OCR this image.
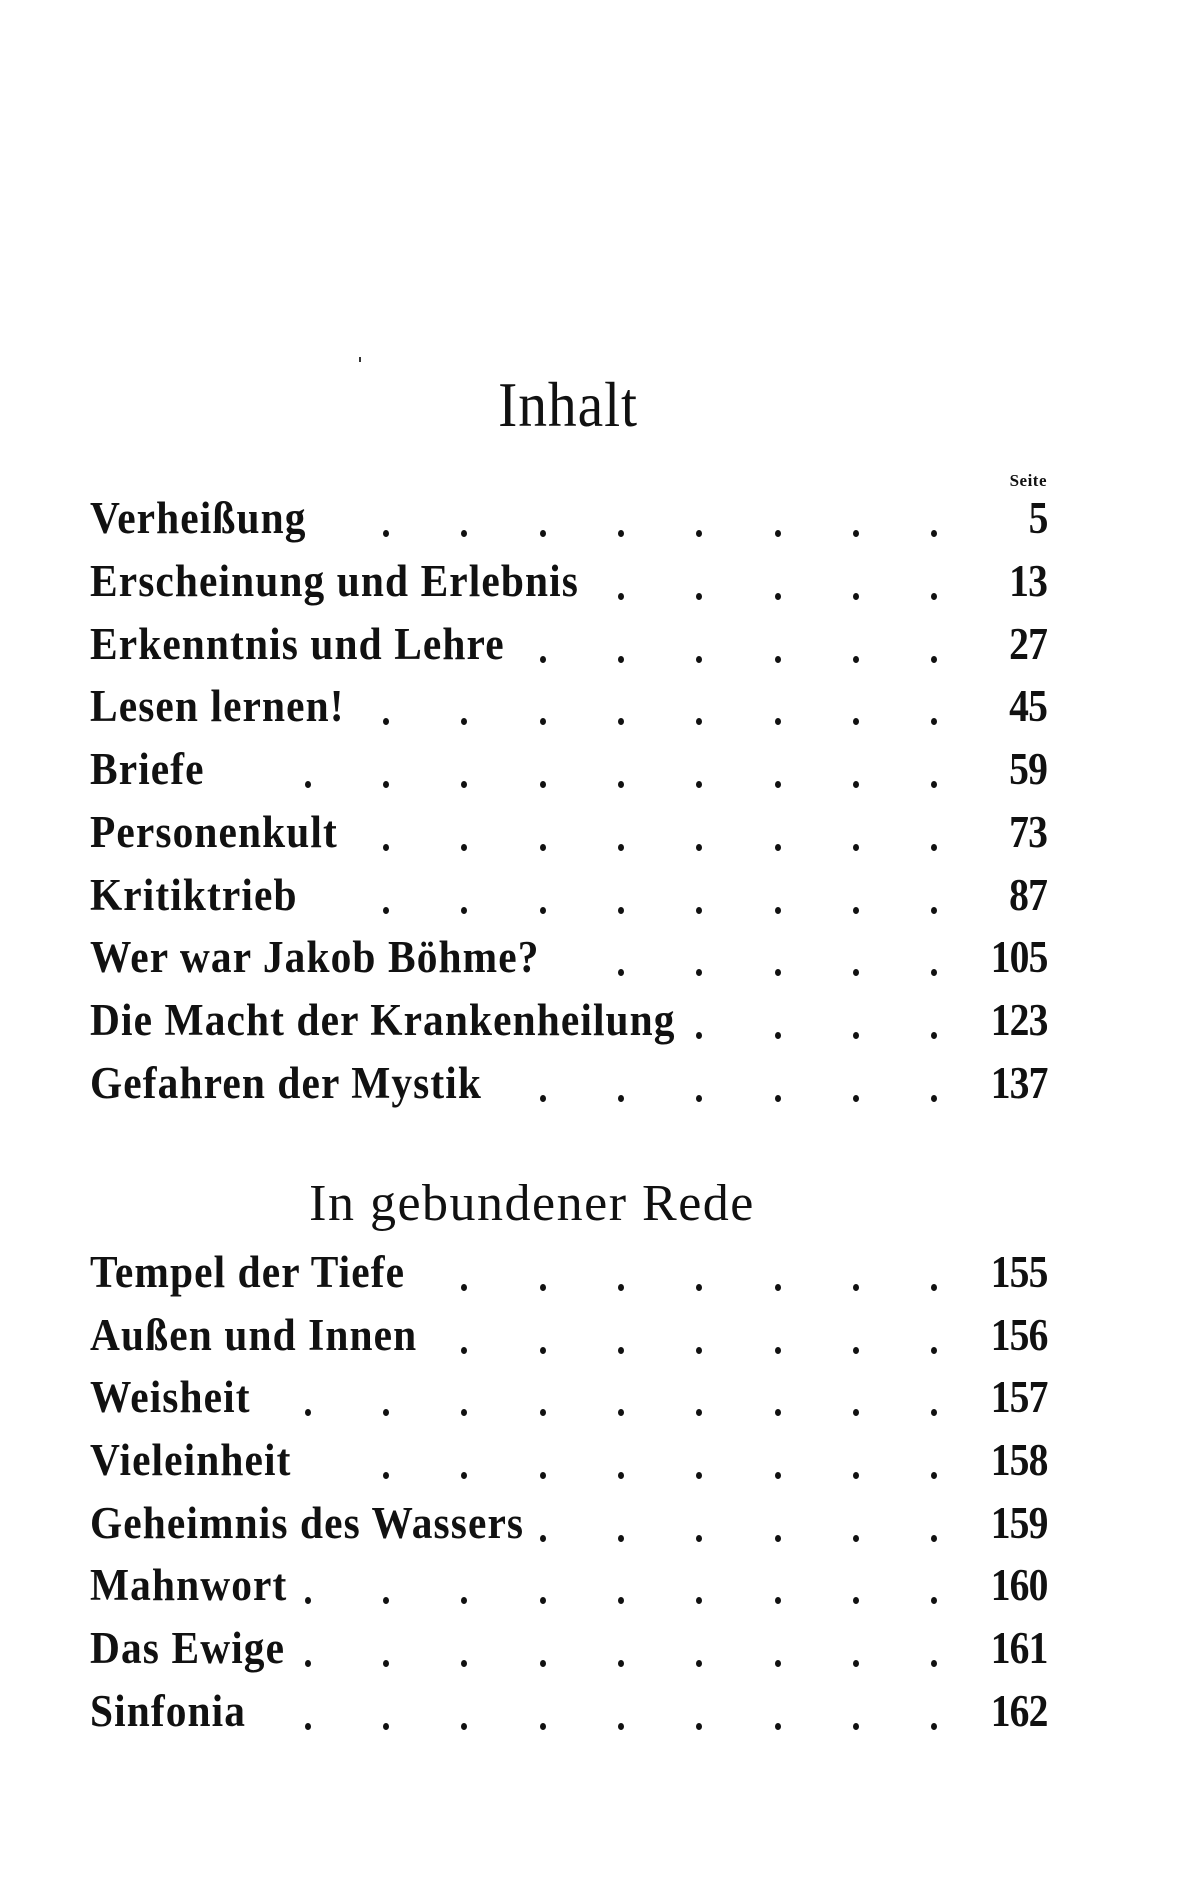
Inhalt
Seite
Verheißung	5
Erscheinung und Erlebnis	13
Erkenntnis und Lehre	27
Lesen lernen!	45
Briefe	59
Personenkult	73
Kritiktrieb	87
Wer war Jakob Böhme?	105
Die Macht der Krankenheilung	123
Gefahren der Mystik	137
In gebundener Rede
Tempel der Tiefe	155
Außen und Innen	156
Weisheit	157
Vieleinheit	158
Geheimnis des Wassers	159
Mahnwort	160
Das Ewige	161
Sinfonia	162
